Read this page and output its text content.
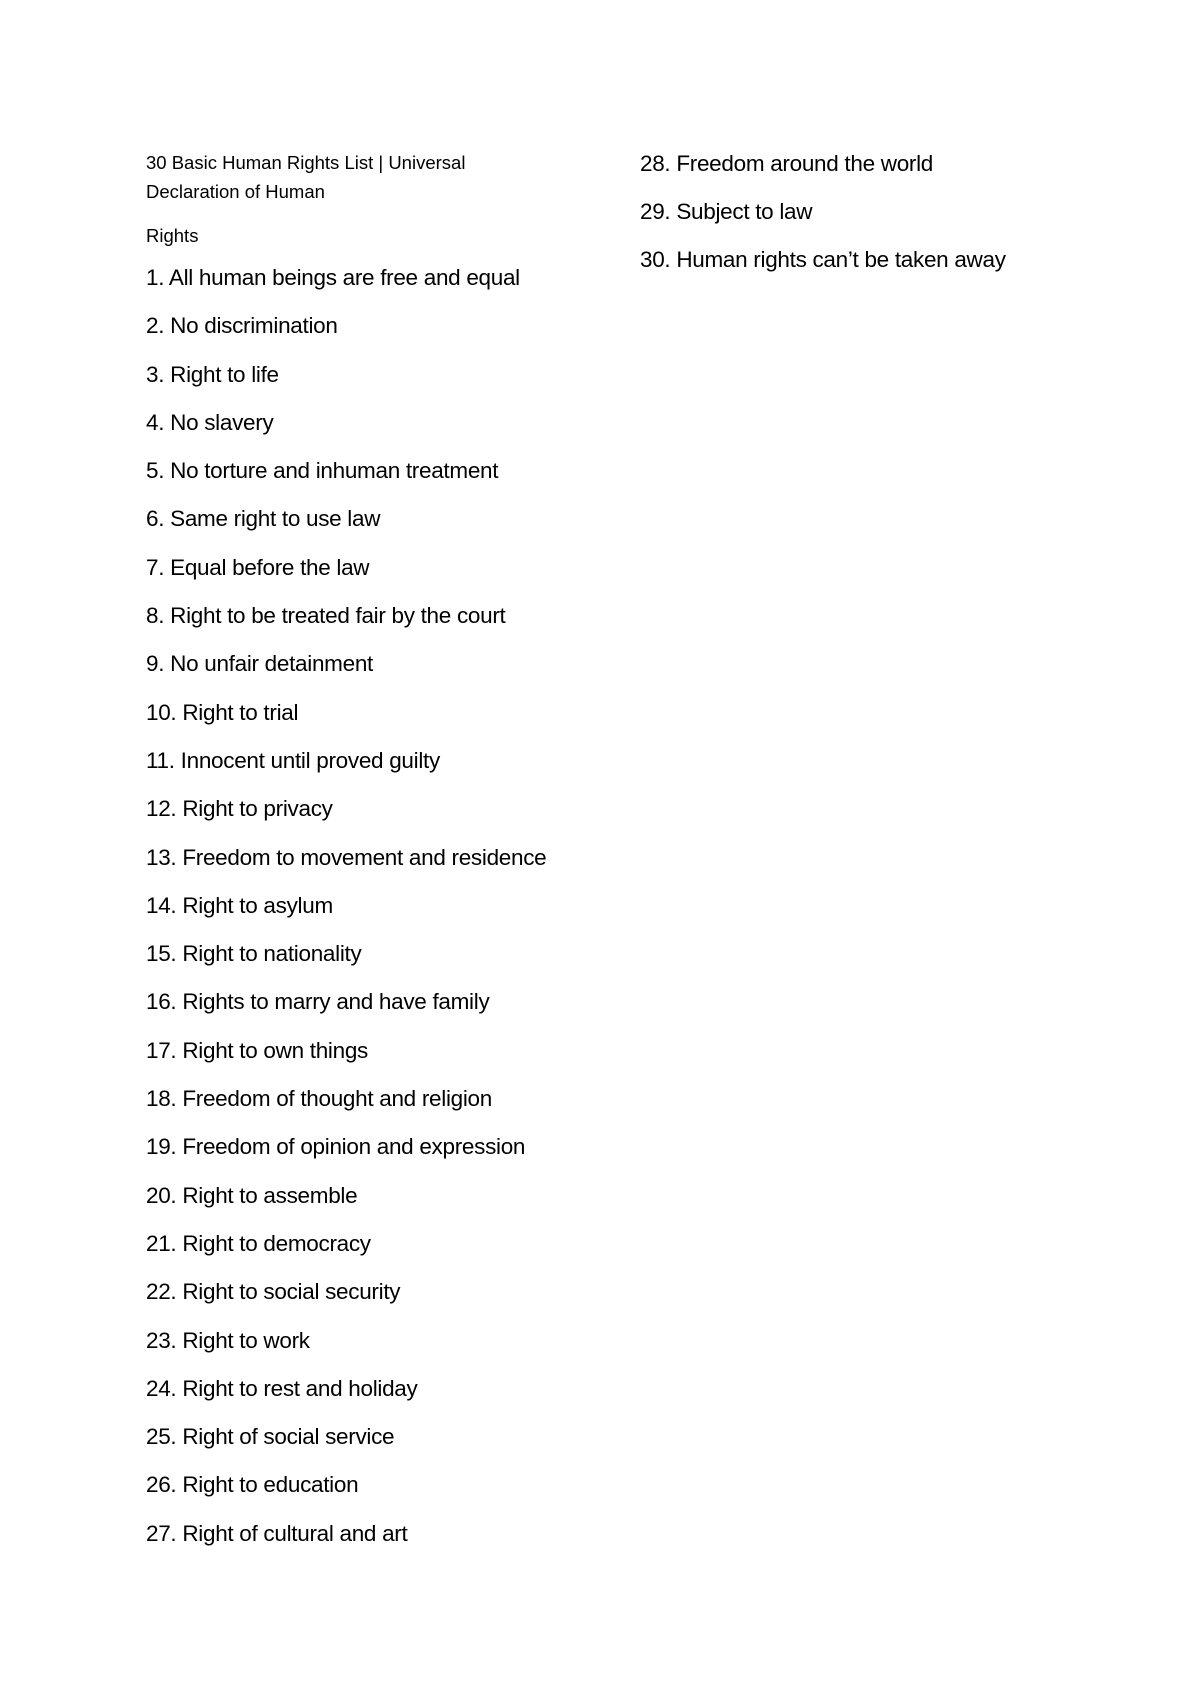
30 Basic Human Rights List | Universal Declaration of Human

Rights

1. All human beings are free and equal
2. No discrimination
3. Right to life
4. No slavery
5. No torture and inhuman treatment
6. Same right to use law
7. Equal before the law
8. Right to be treated fair by the court
9. No unfair detainment
10. Right to trial
11. Innocent until proved guilty
12. Right to privacy
13. Freedom to movement and residence
14. Right to asylum
15. Right to nationality
16. Rights to marry and have family
17. Right to own things
18. Freedom of thought and religion
19. Freedom of opinion and expression
20. Right to assemble
21. Right to democracy
22. Right to social security
23. Right to work
24. Right to rest and holiday
25. Right of social service
26. Right to education
27. Right of cultural and art
28. Freedom around the world
29. Subject to law
30. Human rights can’t be taken away
